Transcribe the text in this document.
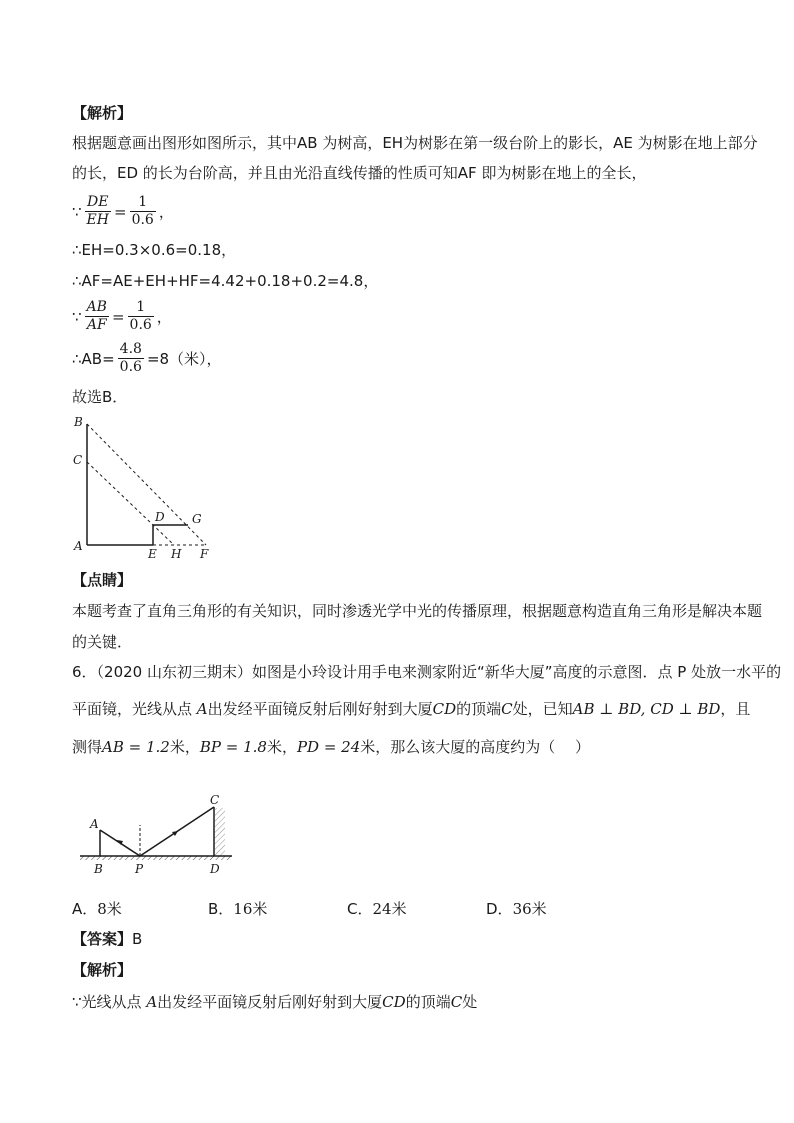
【解析】
根据题意画出图形如图所示，其中AB 为树高，EH为树影在第一级台阶上的影长，AE 为树影在地上部分
的长，ED 的长为台阶高，并且由光沿直线传播的性质可知AF 即为树影在地上的全长，
∵ $\frac{DE}{EH} = \frac{1}{0.6}$ ，
∴EH=0.3×0.6=0.18，
∴AF=AE+EH+HF=4.42+0.18+0.2=4.8，
∵ $\frac{AB}{AF} = \frac{1}{0.6}$ ，
∴AB= $\frac{4.8}{0.6} =8$（米），
故选B．
B
C
D G
A
E H F
【点睛】
本题考查了直角三角形的有关知识，同时渗透光学中光的传播原理，根据题意构造直角三角形是解决本题
的关键．
6．（2020 山东初三期末）如图是小玲设计用手电来测家附近“新华大厦”高度的示意图．点 P 处放一水平的
平面镜，光线从点 A出发经平面镜反射后刚好射到大厦CD的顶端C处，已知AB ⊥ BD, CD ⊥ BD，且
测得AB = 1.2米，BP = 1.8米，PD = 24米，那么该大厦的高度约为（　 ）
C
A
B	P	D
A．8米	B．16米	C．24米	D．36米
【答案】B
【解析】
∵光线从点 A出发经平面镜反射后刚好射到大厦CD的顶端C处
